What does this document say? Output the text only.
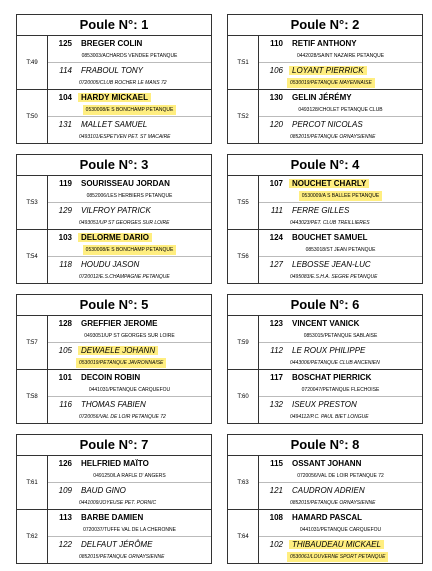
Poule N°: 1
T:49
125	BREGER COLIN
0853003/ACHARDS VENDEE PETANQUE
114	FRABOUL TONY
0720005/CLUB ROCHER LE MANS 72
T:50
104	HARDY MICKAEL
0530008/E S BONCHAMP PETANQUE
131	MALLET SAMUEL
0493101/ESPETVEN PET. ST MACAIRE
Poule N°: 2
T:51
110	RETIF ANTHONY
0442028/SAINT NAZAIRE PETANQUE
106	LOYANT PIERRICK
0530019/PETANQUE MAYENNAISE
T:52
130	GELIN JÉRÉMY
0493128/CHOLET PETANQUE CLUB
120	PERCOT NICOLAS
0852015/PETANQUE ORNAYSIENNE
Poule N°: 3
T:53
119	SOURISSEAU JORDAN
0852006/LES HERBIERS PETANQUE
129	VILFROY PATRICK
0493051/UP ST GEORGES SUR LOIRE
T:54
103	DELORME DARIO
0530008/E S BONCHAMP PETANQUE
118	HOUDU JASON
0720012/E.S.CHAMPAGNE PETANQUE
Poule N°: 4
T:55
107	NOUCHET CHARLY
0530009/A S BALLEE PETANQUE
111	FERRE GILLES
0443023/PET. CLUB TREILLIERES
T:56
124	BOUCHET SAMUEL
0853018/ST JEAN PETANQUE
127	LEBOSSE JEAN-LUC
0495083/E.S.H.A. SEGRE PETANQUE
Poule N°: 5
T:57
128	GREFFIER JEROME
0493051/UP ST GEORGES SUR LOIRE
105	DEWAELE JOHANN
0530019/PETANQUE JAVRONNAISE
T:58
101	DECOIN ROBIN
0441031/PETANQUE CARQUEFOU
116	THOMAS FABIEN
0720056/VAL DE LOIR PETANQUE 72
Poule N°: 6
T:59
123	VINCENT VANICK
0853015/PETANQUE SABLAISE
112	LE ROUX PHILIPPE
0443006/PETANQUE CLUB ANCENIEN
T:60
117	BOSCHAT PIERRICK
0720047/PETANQUE FLECHOISE
132	ISEUX PRESTON
0494112/P.C. PAUL BIET LONGUE
Poule N°: 7
T:61
126	HELFRIED MAÏTO
0491250/LA RAFLE D' ANGERS
109	BAUD GINO
0441009/JOYEUSE PET. PORNIC
T:62
113	BARBE DAMIEN
0720037/TUFFE VAL DE LA CHERONNE
122	DELFAUT JÉRÔME
0852015/PETANQUE ORNAYSIENNE
Poule N°: 8
T:63
115	OSSANT JOHANN
0720056/VAL DE LOIR PETANQUE 72
121	CAUDRON ADRIEN
0852015/PETANQUE ORNAYSIENNE
T:64
108	HAMARD PASCAL
0441031/PETANQUE CARQUEFOU
102	THIBAUDEAU MICKAEL
0530061/LOUVERNE SPORT PETANQUE
